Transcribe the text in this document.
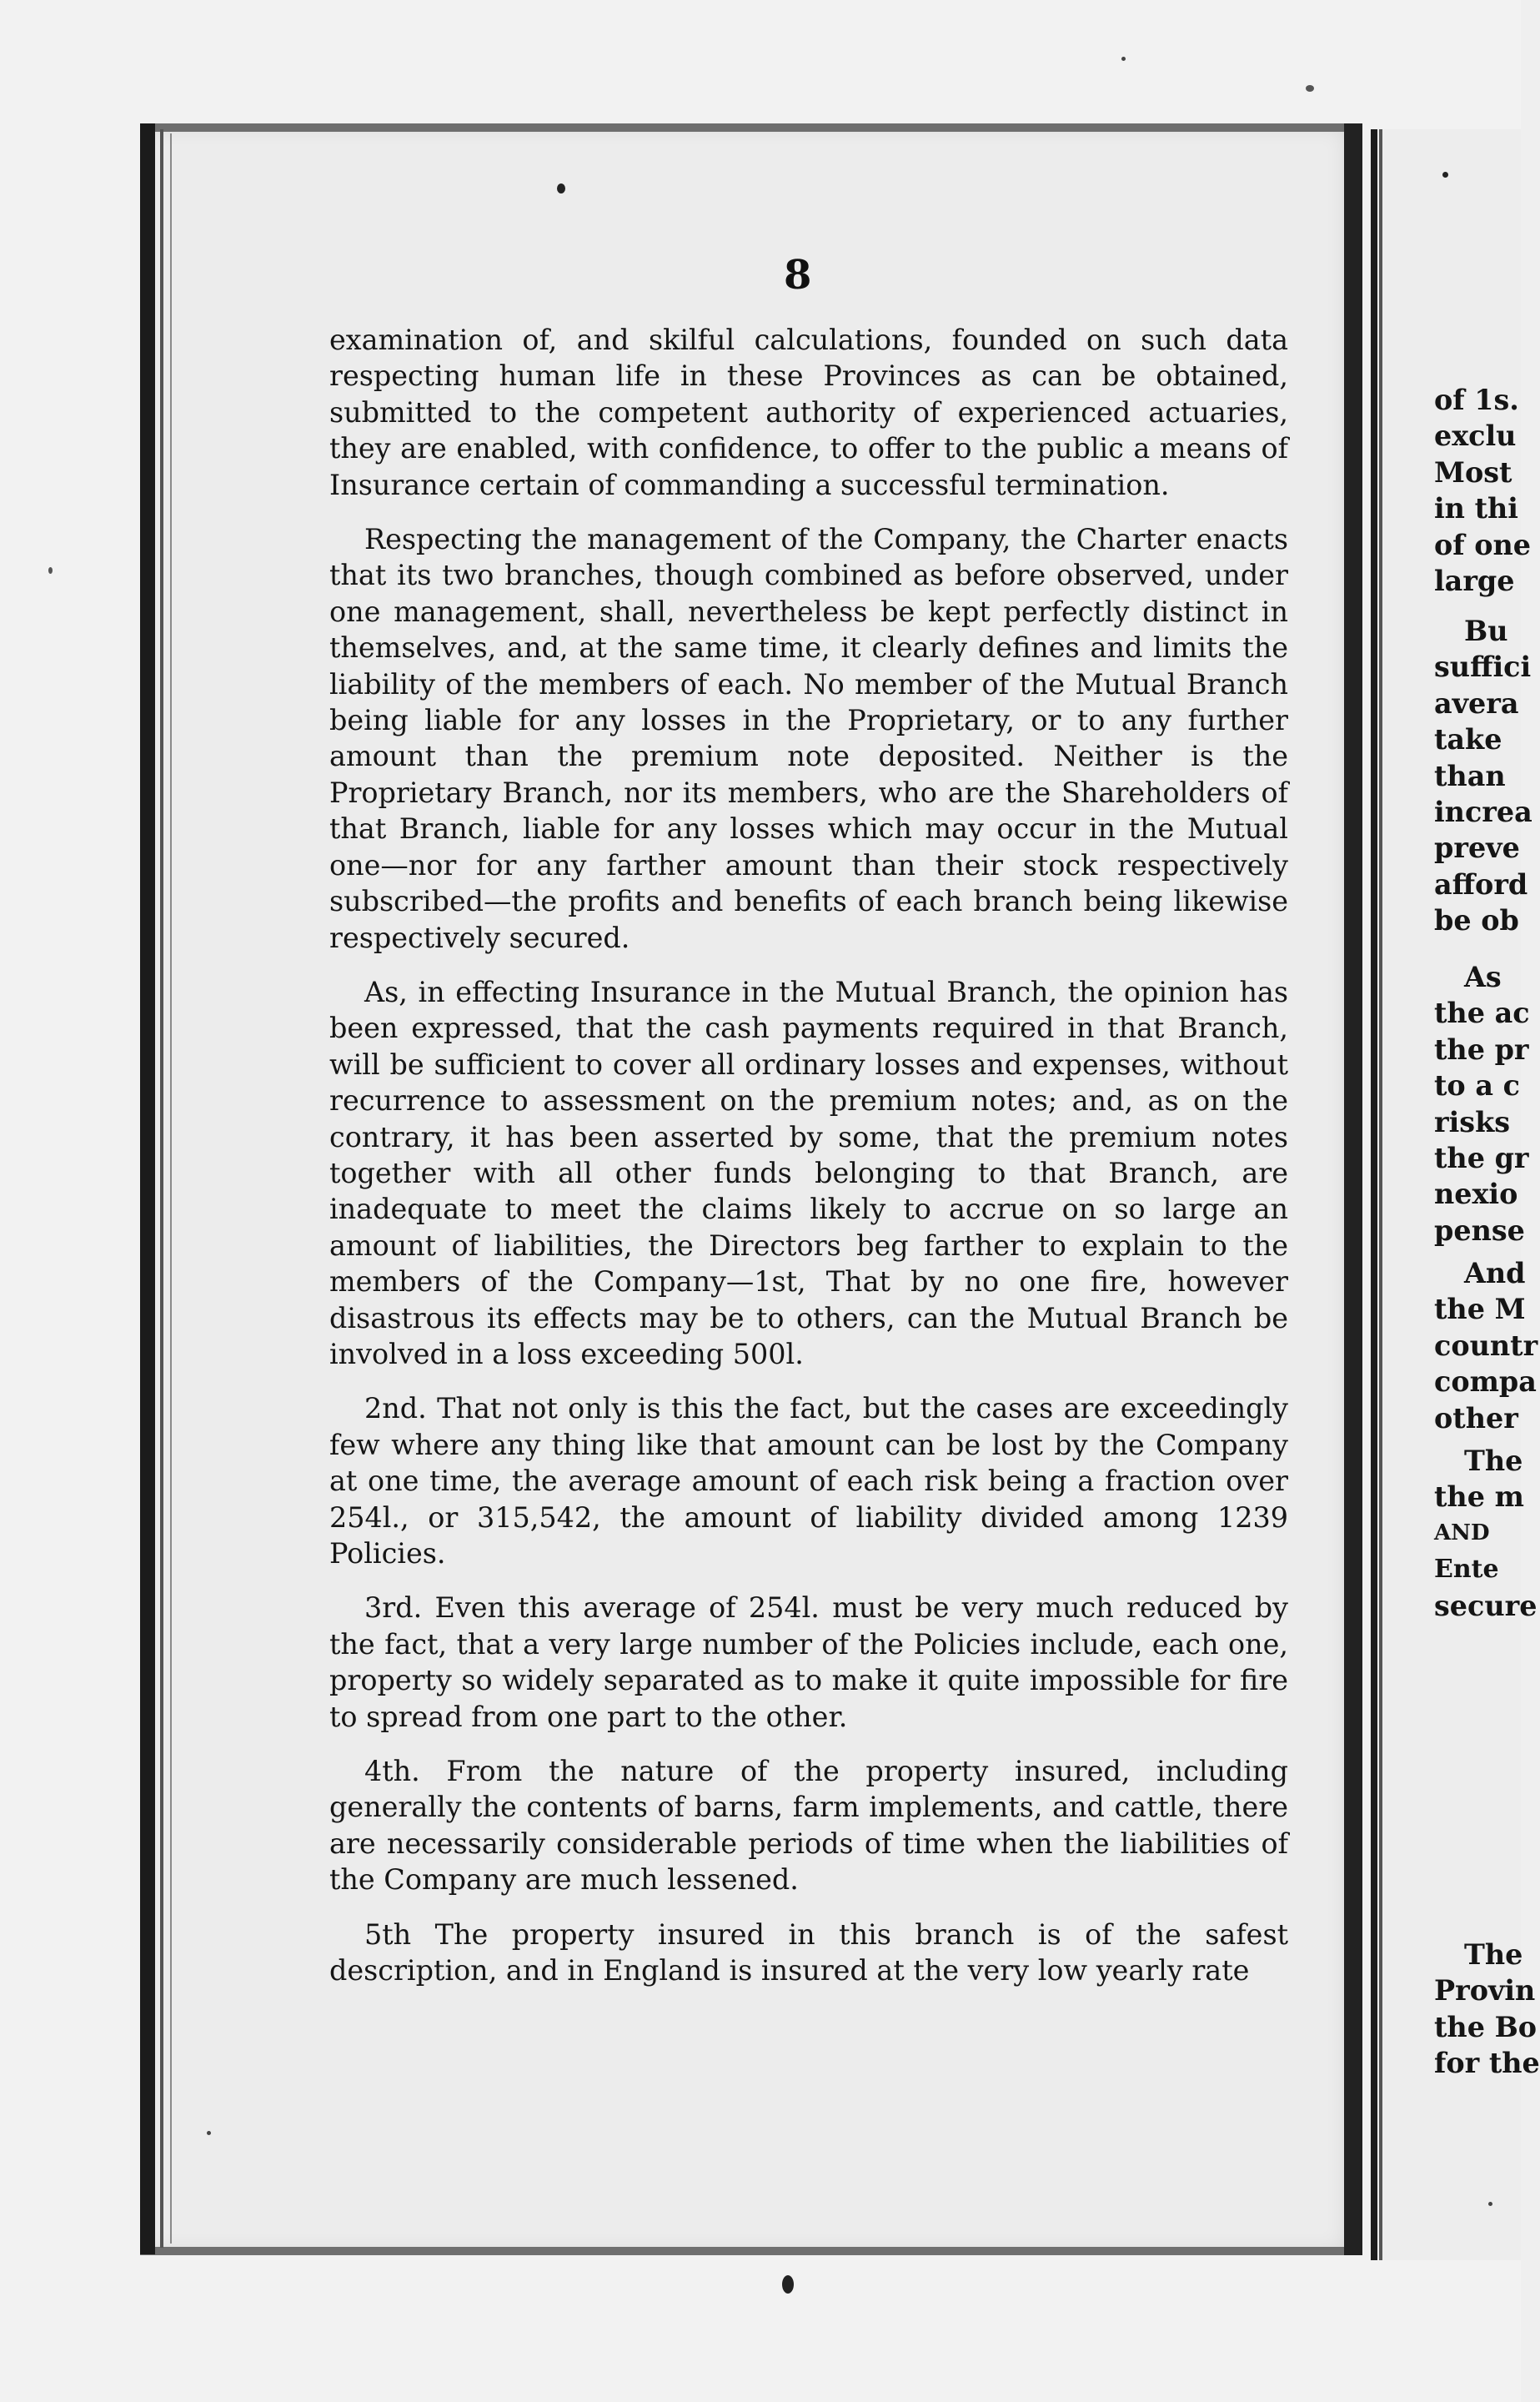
8

examination of, and skilful calculations, founded on such data respecting human life in these Provinces as can be obtained, submitted to the competent authority of experienced actuaries, they are enabled, with confidence, to offer to the public a means of Insurance certain of commanding a successful termination.

Respecting the management of the Company, the Charter enacts that its two branches, though combined as before observed, under one management, shall, nevertheless be kept perfectly distinct in themselves, and, at the same time, it clearly defines and limits the liability of the members of each. No member of the Mutual Branch being liable for any losses in the Proprietary, or to any further amount than the premium note deposited. Neither is the Proprietary Branch, nor its members, who are the Shareholders of that Branch, liable for any losses which may occur in the Mutual one—nor for any farther amount than their stock respectively subscribed—the profits and benefits of each branch being likewise respectively secured.

As, in effecting Insurance in the Mutual Branch, the opinion has been expressed, that the cash payments required in that Branch, will be sufficient to cover all ordinary losses and expenses, without recurrence to assessment on the premium notes; and, as on the contrary, it has been asserted by some, that the premium notes together with all other funds belonging to that Branch, are inadequate to meet the claims likely to accrue on so large an amount of liabilities, the Directors beg farther to explain to the members of the Company—1st, That by no one fire, however disastrous its effects may be to others, can the Mutual Branch be involved in a loss exceeding 500l.

2nd. That not only is this the fact, but the cases are exceedingly few where any thing like that amount can be lost by the Company at one time, the average amount of each risk being a fraction over 254l., or 315,542, the amount of liability divided among 1239 Policies.

3rd. Even this average of 254l. must be very much reduced by the fact, that a very large number of the Policies include, each one, property so widely separated as to make it quite impossible for fire to spread from one part to the other.

4th. From the nature of the property insured, including generally the contents of barns, farm implements, and cattle, there are necessarily considerable periods of time when the liabilities of the Company are much lessened.

5th The property insured in this branch is of the safest description, and in England is insured at the very low yearly rate

of 1s.
exclu
Most
in thi
of one
large
Bu
suffici
avera
take
than
increa
preve
afford
be ob
As
the ac
the pr
to a c
risks
the gr
nexio
pense
And
the M
countr
compa
other
The
the m
AND
Ente
secure
The
Provin
the Bo
for the
